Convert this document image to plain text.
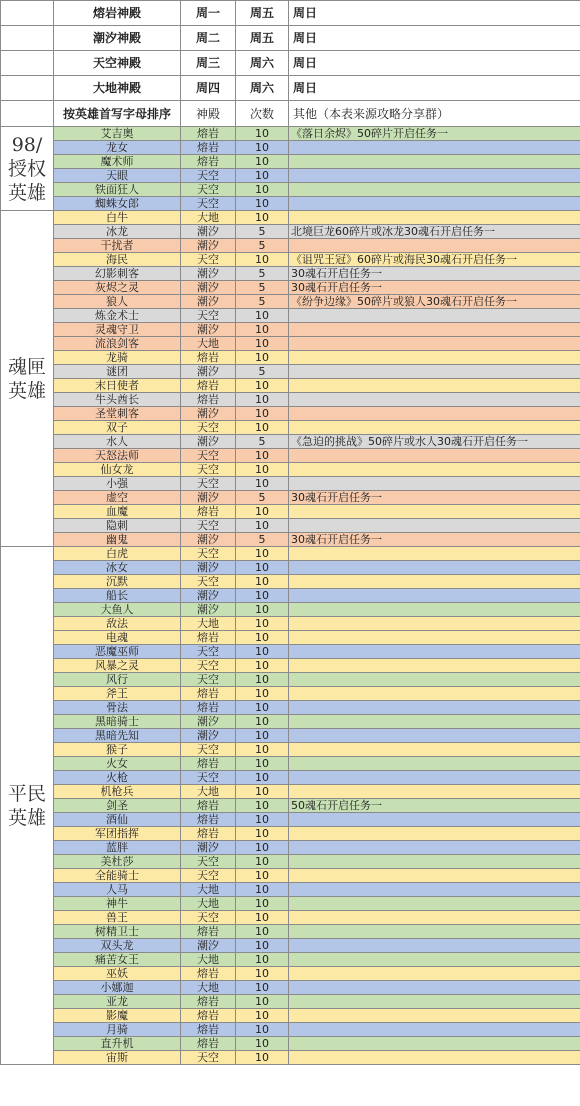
	熔岩神殿	周一	周五	周日
	潮汐神殿	周二	周五	周日
	天空神殿	周三	周六	周日
	大地神殿	周四	周六	周日
	按英雄首写字母排序	神殿	次数	其他（本表来源攻略分享群）
98/
授权
英雄	艾吉奥	熔岩	10	《落日余烬》50碎片开启任务一
	龙女	熔岩	10	
	魔术师	熔岩	10	
	天眼	天空	10	
	铁面狂人	天空	10	
	蜘蛛女郎	天空	10	
魂匣
英雄	白牛	大地	10	
	冰龙	潮汐	5	北境巨龙60碎片或冰龙30魂石开启任务一
	干扰者	潮汐	5	
	海民	天空	10	《诅咒王冠》60碎片或海民30魂石开启任务一
	幻影刺客	潮汐	5	30魂石开启任务一
	灰烬之灵	潮汐	5	30魂石开启任务一
	狼人	潮汐	5	《纷争边缘》50碎片或狼人30魂石开启任务一
	炼金术士	天空	10	
	灵魂守卫	潮汐	10	
	流浪剑客	大地	10	
	龙骑	熔岩	10	
	谜团	潮汐	5	
	末日使者	熔岩	10	
	牛头酋长	熔岩	10	
	圣堂刺客	潮汐	10	
	双子	天空	10	
	水人	潮汐	5	《急迫的挑战》50碎片或水人30魂石开启任务一
	天怒法师	天空	10	
	仙女龙	天空	10	
	小强	天空	10	
	虚空	潮汐	5	30魂石开启任务一
	血魔	熔岩	10	
	隐刺	天空	10	
	幽鬼	潮汐	5	30魂石开启任务一
平民
英雄	白虎	天空	10	
	冰女	潮汐	10	
	沉默	天空	10	
	船长	潮汐	10	
	大鱼人	潮汐	10	
	敌法	大地	10	
	电魂	熔岩	10	
	恶魔巫师	天空	10	
	风暴之灵	天空	10	
	风行	天空	10	
	斧王	熔岩	10	
	骨法	熔岩	10	
	黑暗骑士	潮汐	10	
	黑暗先知	潮汐	10	
	猴子	天空	10	
	火女	熔岩	10	
	火枪	天空	10	
	机枪兵	大地	10	
	剑圣	熔岩	10	50魂石开启任务一
	酒仙	熔岩	10	
	军团指挥	熔岩	10	
	蓝胖	潮汐	10	
	美杜莎	天空	10	
	全能骑士	天空	10	
	人马	大地	10	
	神牛	大地	10	
	兽王	天空	10	
	树精卫士	熔岩	10	
	双头龙	潮汐	10	
	痛苦女王	大地	10	
	巫妖	熔岩	10	
	小娜迦	大地	10	
	亚龙	熔岩	10	
	影魔	熔岩	10	
	月骑	熔岩	10	
	直升机	熔岩	10	
	宙斯	天空	10	
